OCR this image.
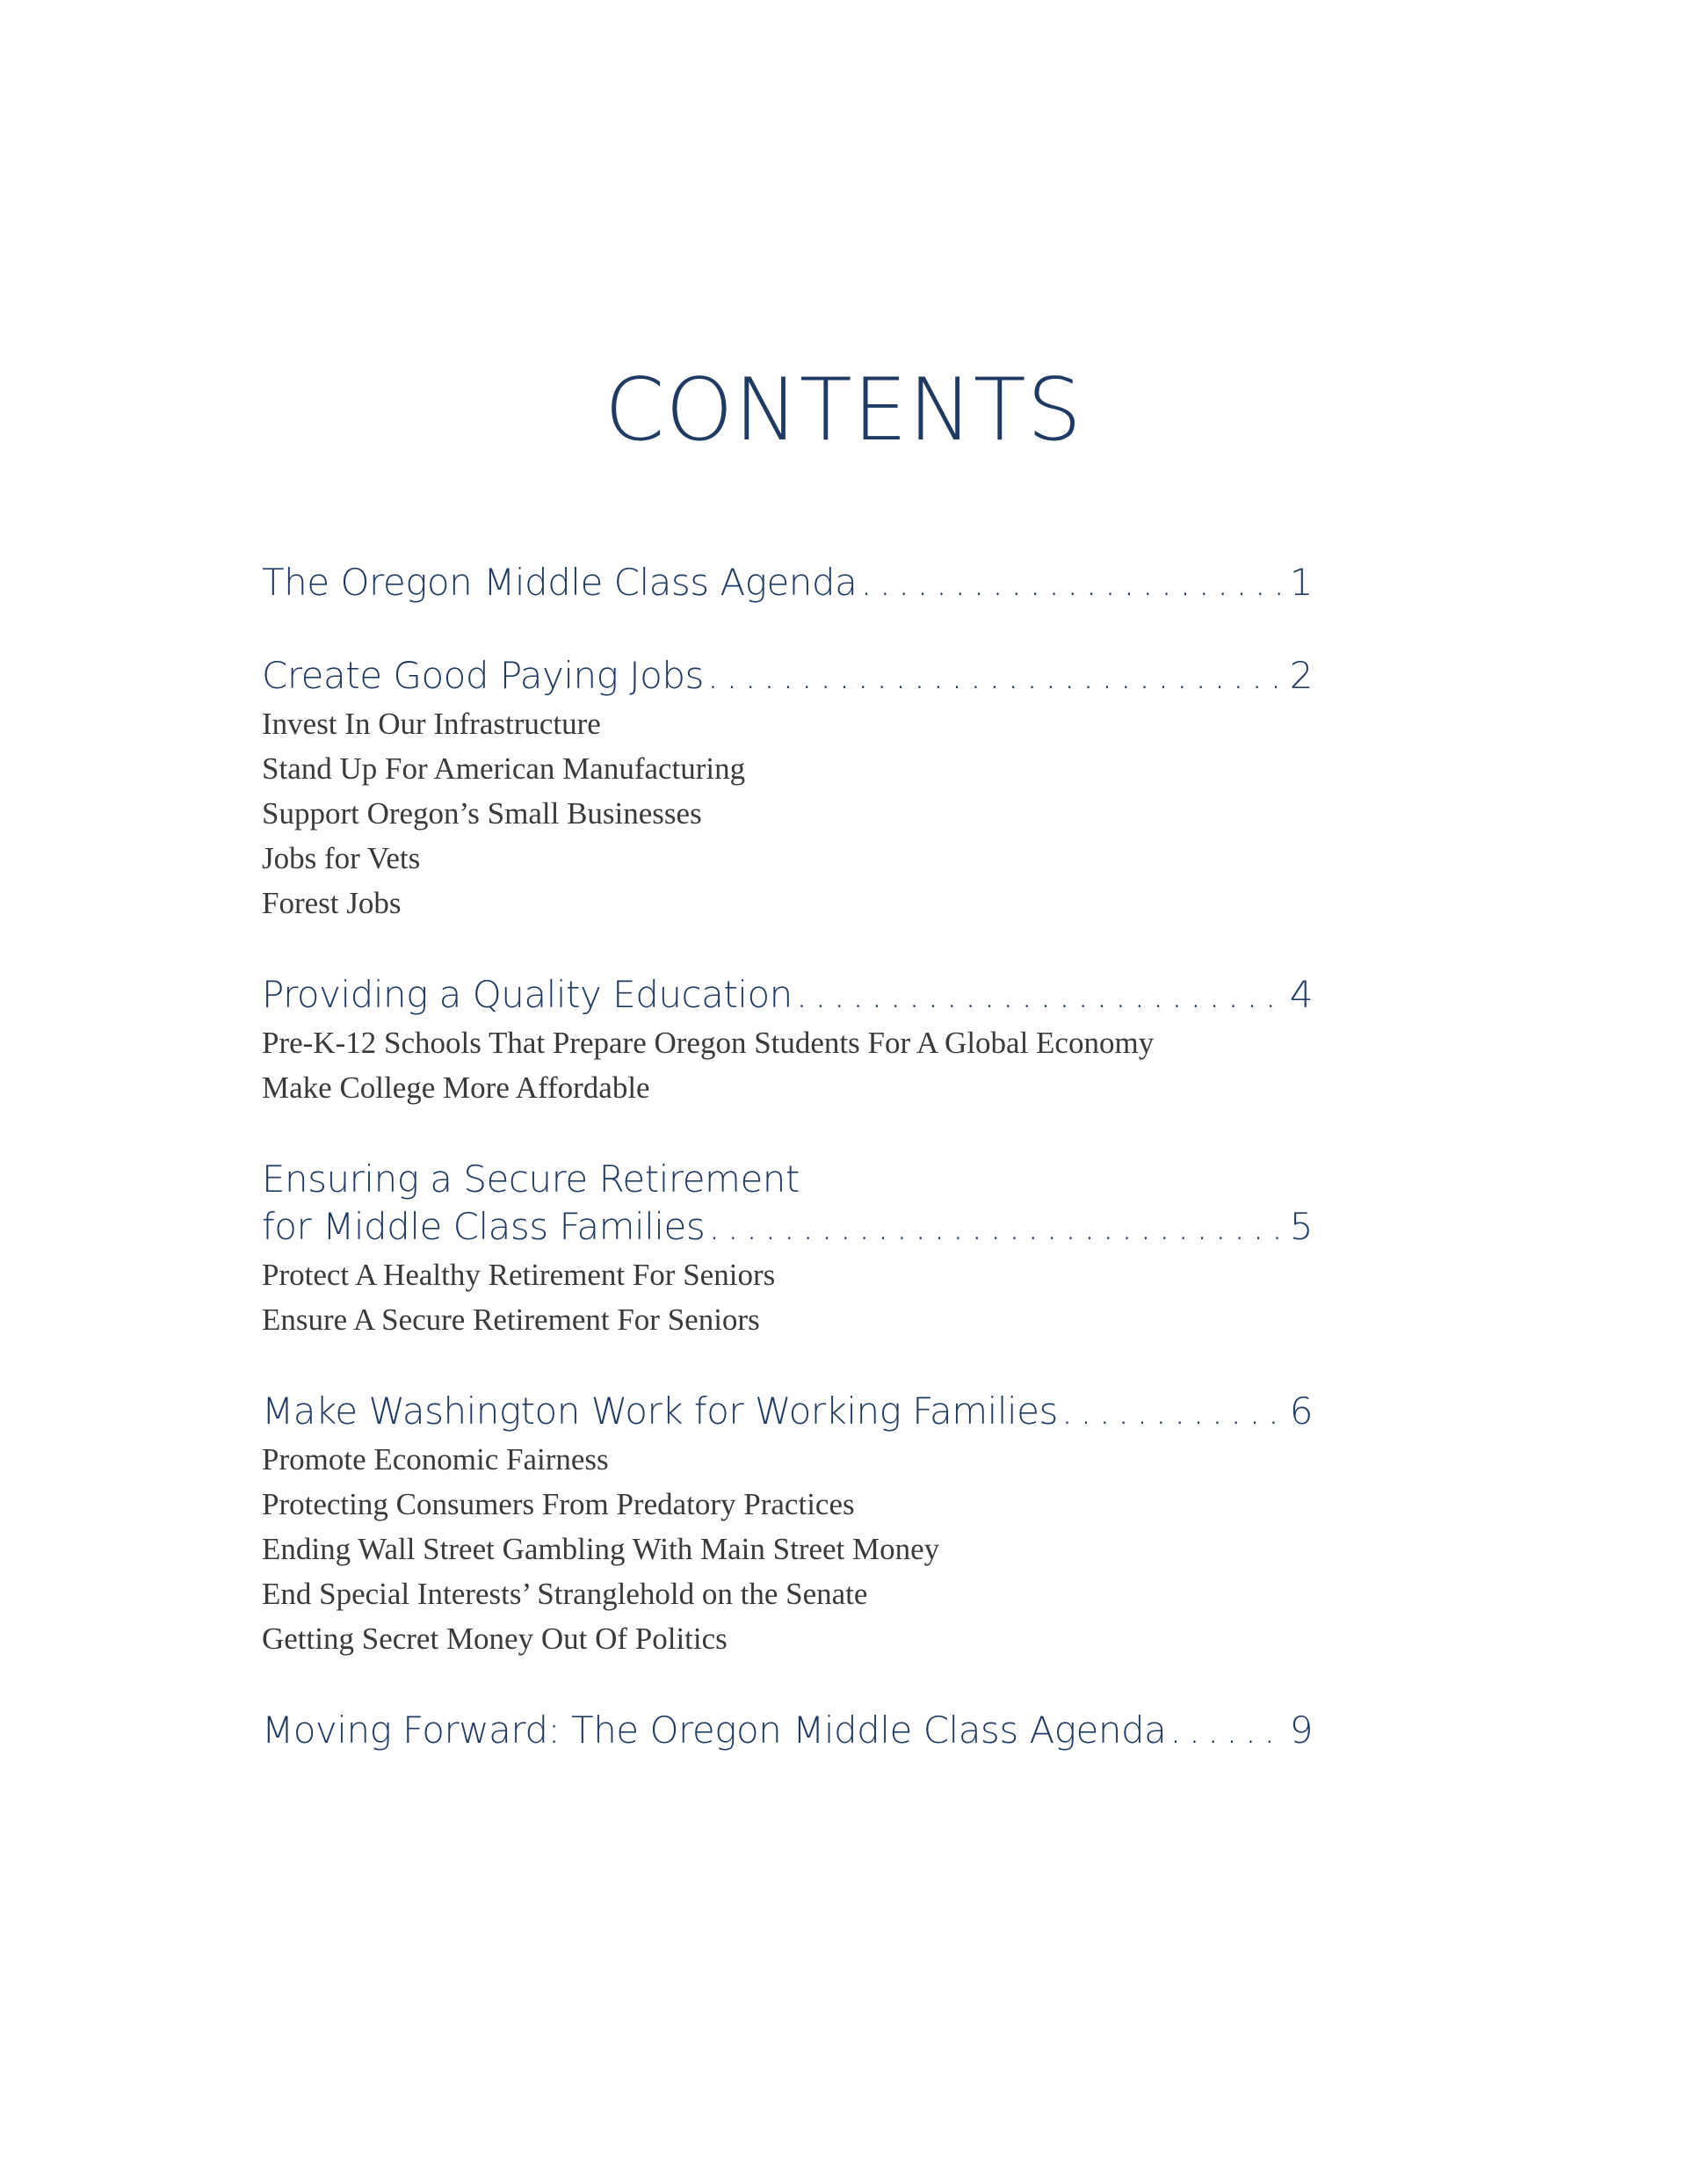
CONTENTS
The Oregon Middle Class Agenda .....	1
Create Good Paying Jobs .....	2
Invest In Our Infrastructure
Stand Up For American Manufacturing
Support Oregon’s Small Businesses
Jobs for Vets
Forest Jobs
Providing a Quality Education .....	4
Pre-K-12 Schools That Prepare Oregon Students For A Global Economy
Make College More Affordable
Ensuring a Secure Retirement
for Middle Class Families .....	5
Protect A Healthy Retirement For Seniors
Ensure A Secure Retirement For Seniors
Make Washington Work for Working Families .....	6
Promote Economic Fairness
Protecting Consumers From Predatory Practices
Ending Wall Street Gambling With Main Street Money
End Special Interests’ Stranglehold on the Senate
Getting Secret Money Out Of Politics
Moving Forward: The Oregon Middle Class Agenda .....	9
